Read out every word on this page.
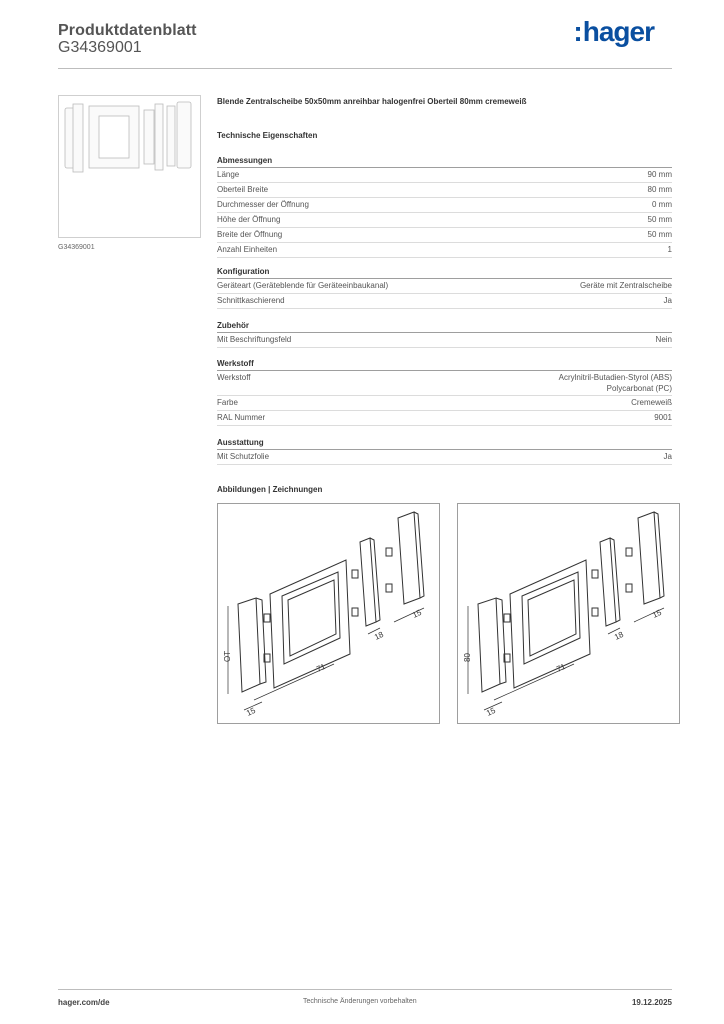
Produktdatenblatt
G34369001
:hager
G34369001
Blende Zentralscheibe 50x50mm anreihbar halogenfrei Oberteil 80mm cremeweiß
Technische Eigenschaften
Abmessungen
Länge	90 mm
Oberteil Breite	80 mm
Durchmesser der Öffnung	0 mm
Höhe der Öffnung	50 mm
Breite der Öffnung	50 mm
Anzahl Einheiten	1
Konfiguration
Geräteart (Geräteblende für Geräteeinbaukanal)	Geräte mit Zentralscheibe
Schnittkaschierend	Ja
Zubehör
Mit Beschriftungsfeld	Nein
Werkstoff
Werkstoff	Acrylnitril-Butadien-Styrol (ABS)
Polycarbonat (PC)
Farbe	Cremeweiß
RAL Nummer	9001
Ausstattung
Mit Schutzfolie	Ja
Abbildungen | Zeichnungen
OT
71
15
18
15
80
71
15
18
15
hager.com/de	Technische Änderungen vorbehalten	19.12.2025
